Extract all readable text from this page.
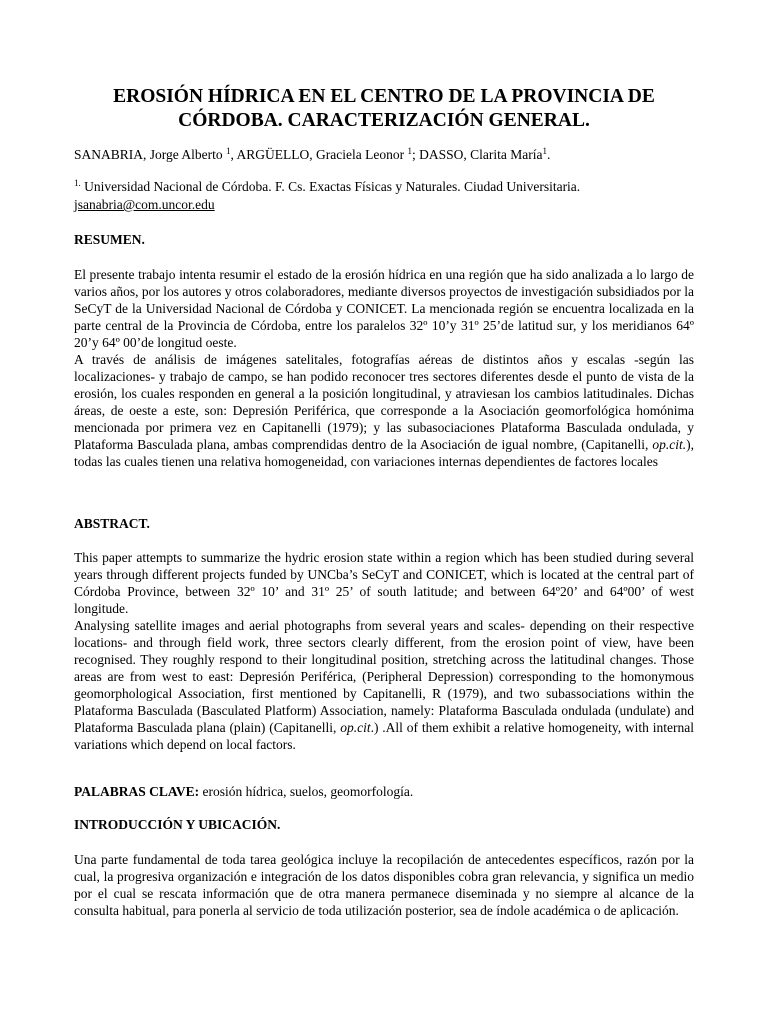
EROSIÓN HÍDRICA EN EL CENTRO DE LA PROVINCIA DE
CÓRDOBA. CARACTERIZACIÓN GENERAL.
SANABRIA, Jorge Alberto $^1$, ARGÜELLO, Graciela Leonor $^1$; DASSO, Clarita María$^1$.
$^{1.}$ Universidad Nacional de Córdoba. F. Cs. Exactas Físicas y Naturales. Ciudad Universitaria.
jsanabria@com.uncor.edu
RESUMEN.

El presente trabajo intenta resumir el estado de la erosión hídrica en una región que ha sido analizada a lo largo de varios años, por los autores y otros colaboradores, mediante diversos proyectos de investigación subsidiados por la SeCyT de la Universidad Nacional de Córdoba y CONICET. La mencionada región se encuentra localizada en la parte central de la Provincia de Córdoba, entre los paralelos 32º 10’y 31º 25’de latitud sur, y los meridianos 64º 20’y 64º 00’de longitud oeste.

A través de análisis de imágenes satelitales, fotografías aéreas de distintos años y escalas -según las localizaciones- y trabajo de campo, se han podido reconocer tres sectores diferentes desde el punto de vista de la erosión, los cuales responden en general a la posición longitudinal, y atraviesan los cambios latitudinales. Dichas áreas, de oeste a este, son: Depresión Periférica, que corresponde a la Asociación geomorfológica homónima mencionada por primera vez en Capitanelli (1979); y las subasociaciones Plataforma Basculada ondulada, y Plataforma Basculada plana, ambas comprendidas dentro de la Asociación de igual nombre, (Capitanelli, op.cit.), todas las cuales tienen una relativa homogeneidad, con variaciones internas dependientes de factores locales

ABSTRACT.

This paper attempts to summarize the hydric erosion state within a region which has been studied during several years through different projects funded by UNCba’s SeCyT and CONICET, which is located at the central part of Córdoba Province, between 32º 10’ and 31º 25’ of south latitude; and between 64º20’ and 64º00’ of west longitude.

Analysing satellite images and aerial photographs from several years and scales- depending on their respective locations- and through field work, three sectors clearly different, from the erosion point of view, have been recognised. They roughly respond to their longitudinal position, stretching across the latitudinal changes. Those areas are from west to east: Depresión Periférica, (Peripheral Depression) corresponding to the homonymous geomorphological Association, first mentioned by Capitanelli, R (1979), and two subassociations within the Plataforma Basculada (Basculated Platform) Association, namely: Plataforma Basculada ondulada (undulate) and Plataforma Basculada plana (plain) (Capitanelli, op.cit.) .All of them exhibit a relative homogeneity, with internal variations which depend on local factors.

PALABRAS CLAVE: erosión hídrica, suelos, geomorfología.
INTRODUCCIÓN Y UBICACIÓN.

Una parte fundamental de toda tarea geológica incluye la recopilación de antecedentes específicos, razón por la cual, la progresiva organización e integración de los datos disponibles cobra gran relevancia, y significa un medio por el cual se rescata información que de otra manera permanece diseminada y no siempre al alcance de la consulta habitual, para ponerla al servicio de toda utilización posterior, sea de índole académica o de aplicación.
